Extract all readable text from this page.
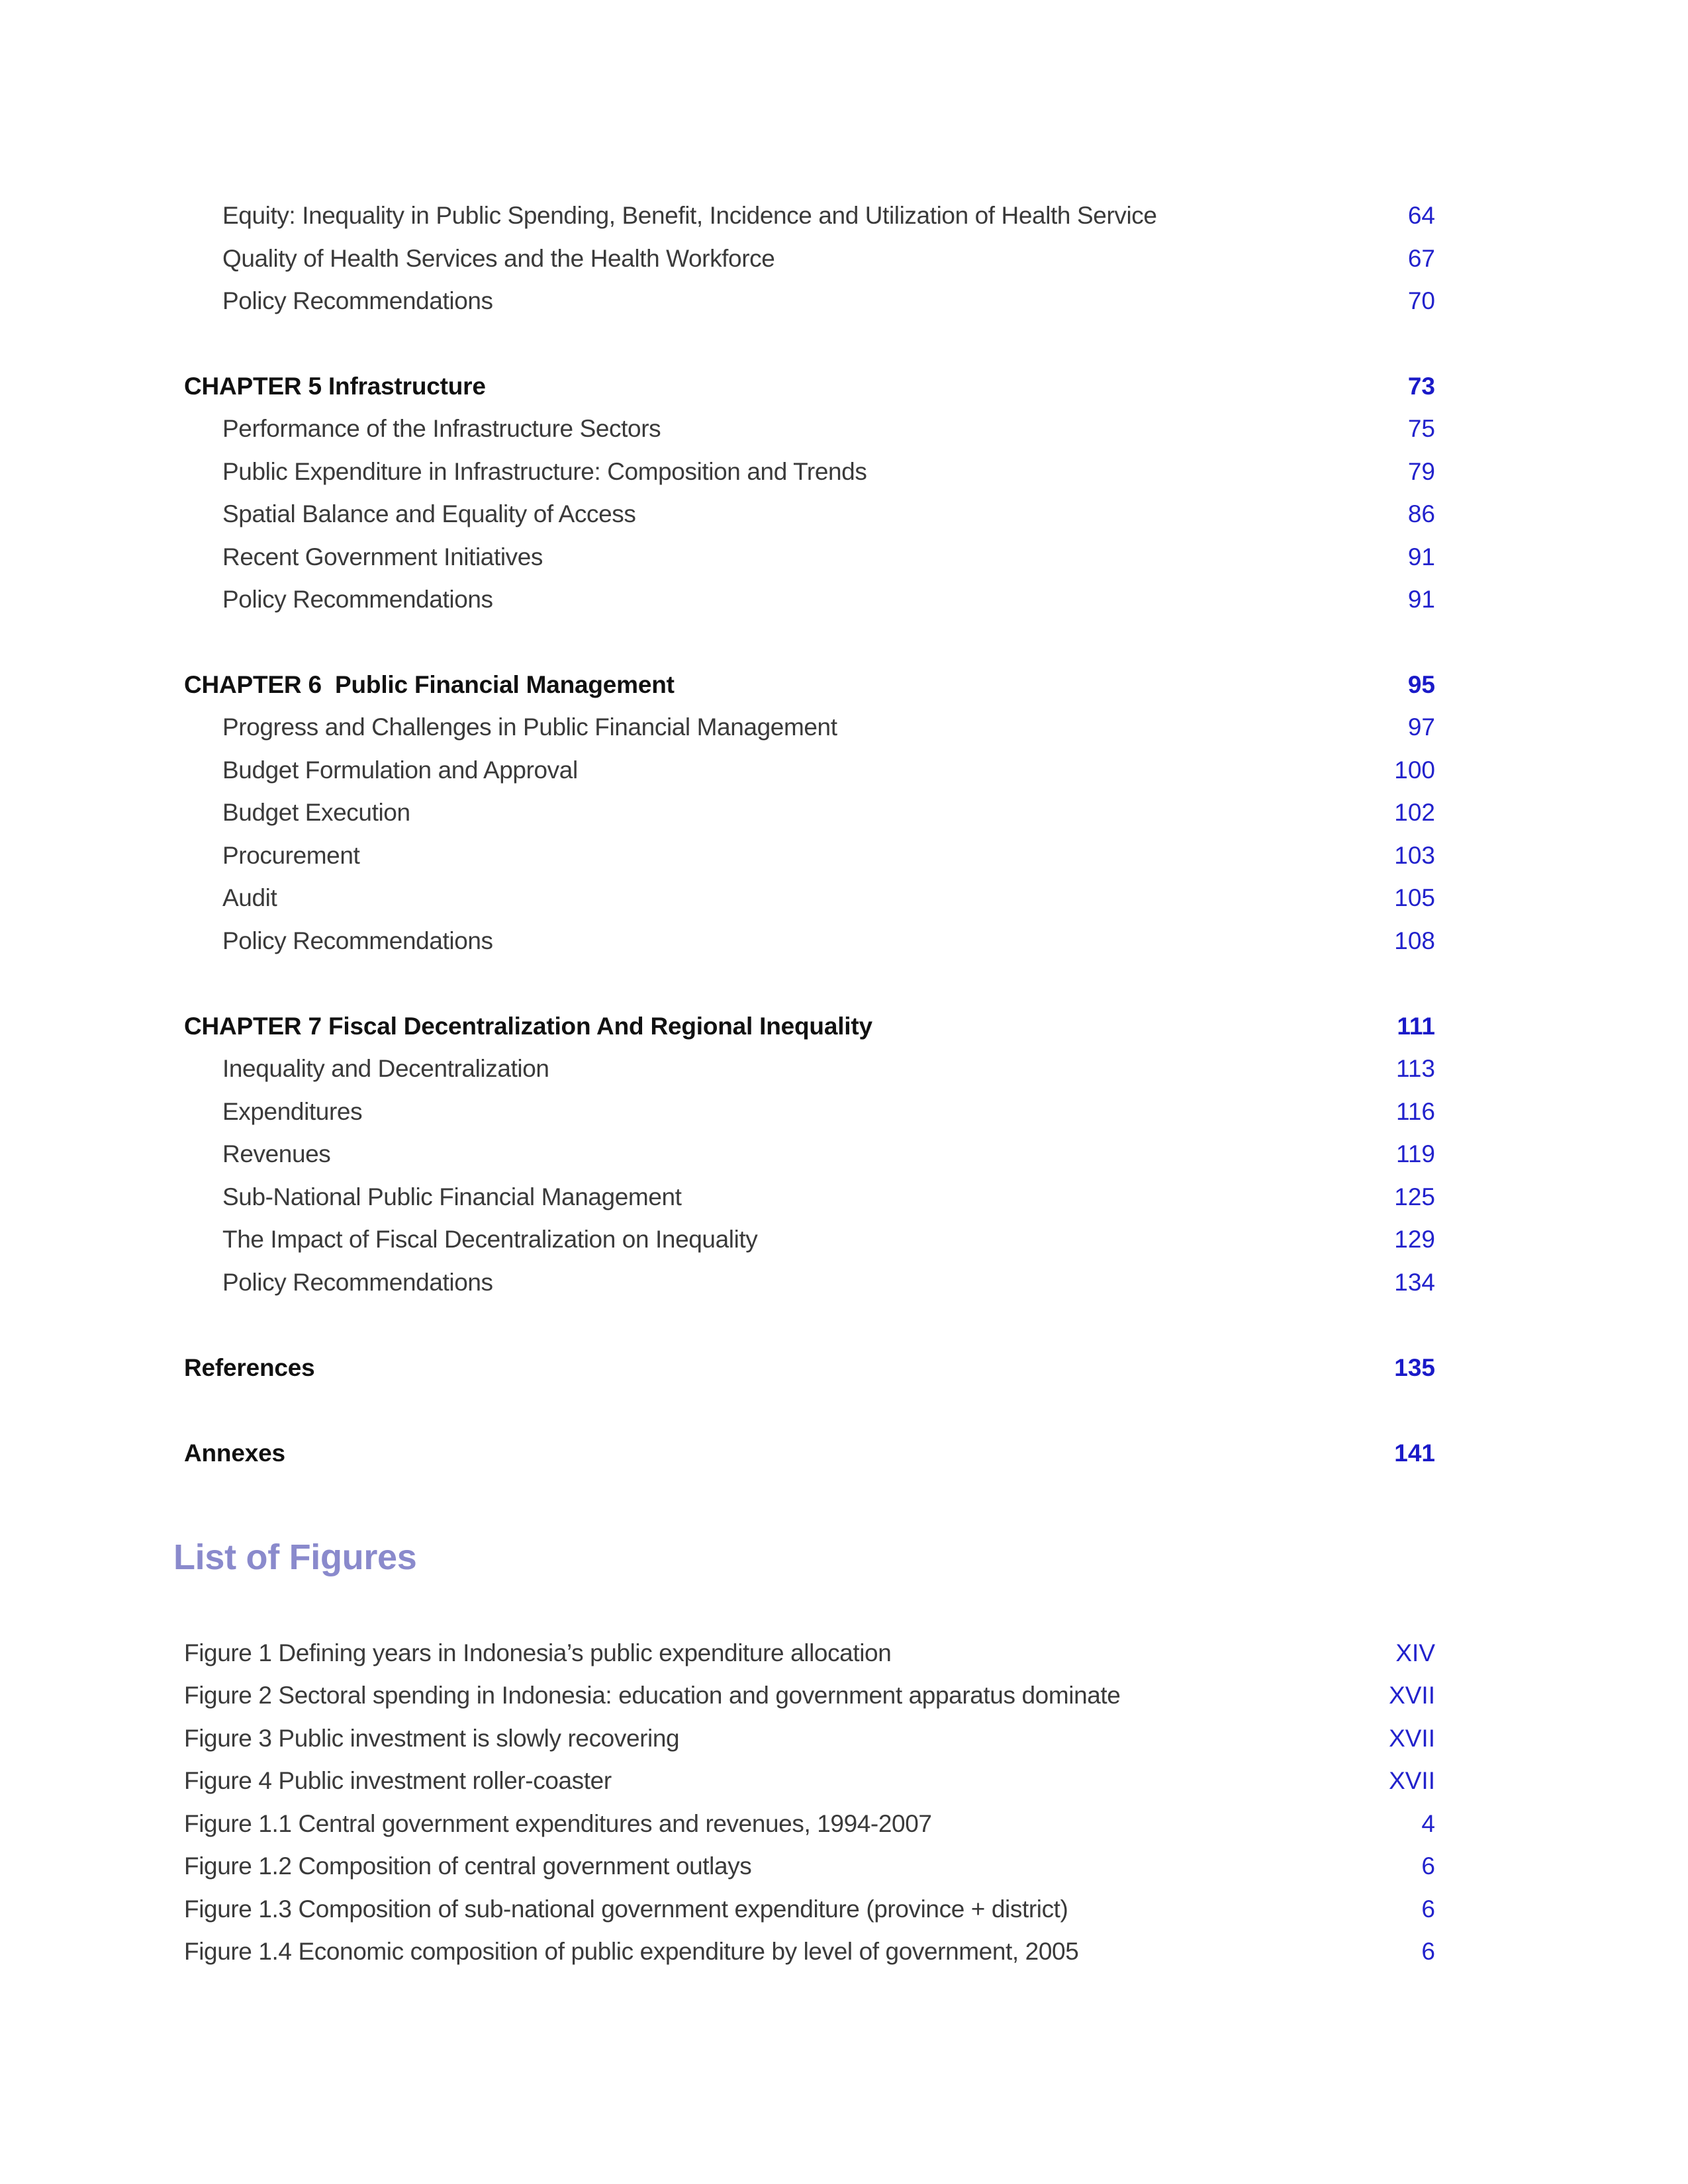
Equity: Inequality in Public Spending, Benefit, Incidence and Utilization of Health Service	64
Quality of Health Services and the Health Workforce	67
Policy Recommendations	70
CHAPTER 5 Infrastructure	73
Performance of the Infrastructure Sectors	75
Public Expenditure in Infrastructure: Composition and Trends	79
Spatial Balance and Equality of Access	86
Recent Government Initiatives	91
Policy Recommendations	91
CHAPTER 6  Public Financial Management	95
Progress and Challenges in Public Financial Management	97
Budget Formulation and Approval	100
Budget Execution	102
Procurement	103
Audit	105
Policy Recommendations	108
CHAPTER 7 Fiscal Decentralization And Regional Inequality	111
Inequality and Decentralization	113
Expenditures	116
Revenues	119
Sub-National Public Financial Management	125
The Impact of Fiscal Decentralization on Inequality	129
Policy Recommendations	134
References	135
Annexes	141
List of Figures
Figure 1 Defining years in Indonesia’s public expenditure allocation	XIV
Figure 2 Sectoral spending in Indonesia: education and government apparatus dominate	XVII
Figure 3 Public investment is slowly recovering	XVII
Figure 4 Public investment roller-coaster	XVII
Figure 1.1 Central government expenditures and revenues, 1994-2007	4
Figure 1.2 Composition of central government outlays	6
Figure 1.3 Composition of sub-national government expenditure (province + district)	6
Figure 1.4 Economic composition of public expenditure by level of government, 2005	6
